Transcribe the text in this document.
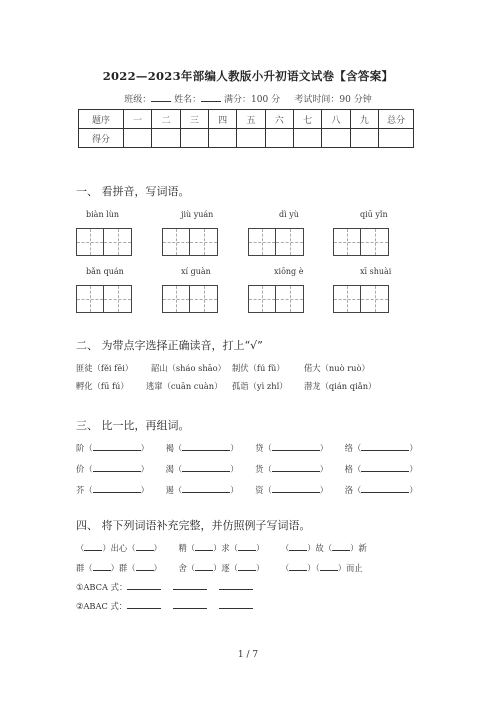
2022—2023年部编人教版小升初语文试卷【含答案】
班级：	姓名：	满分：100 分 考试时间：90 分钟
题序	一	二	三	四	五	六	七	八	九	总分
得分										
一、 看拼音，写词语。
biàn lùn	jiù yuán	dì yù	qiū yǐn
bǎn quán	xí guàn	xiōng è	xī shuài
二、 为带点字选择正确读音，打上“√”
匪徒（fěi fēi） 韶山（sháo shāo） 制伏（fú fǔ） 偌大（nuò ruò）
孵化（fū fú） 逃窜（cuān cuàn） 孤诣（yì zhǐ） 潜龙（qián qiǎn）
三、 比一比，再组词。
阶（	） 褐（	） 贷（	） 络（	）
价（	） 渴（	） 货（	） 格（	）
芥（	） 遏（	） 资（	） 洛（	）
四、 将下列词语补充完整，并仿照例子写词语。
（ ）出心（ ） 精（ ）求（ ） （ ）故（ ）新
群（ ）群（ ） 舍（ ）逐（ ） （ ）（ ）而止
①ABCA 式：
②ABAC 式：
1 / 7
